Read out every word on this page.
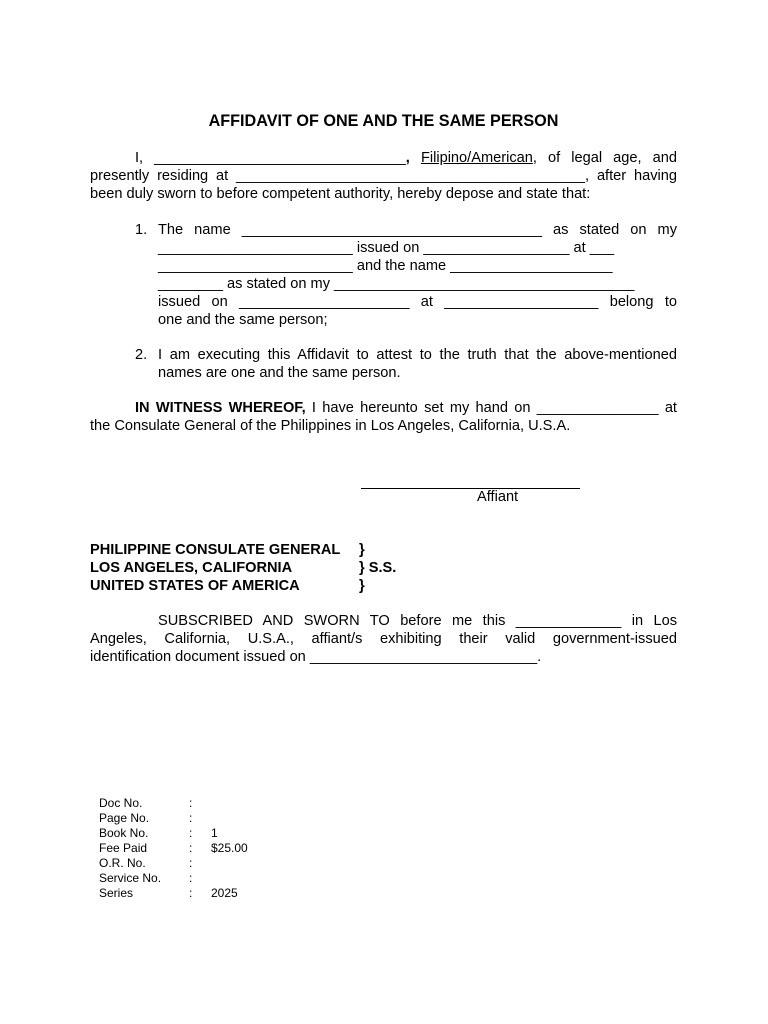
AFFIDAVIT OF ONE AND THE SAME PERSON
I, _______________________________, Filipino/American, of legal age, and
presently residing at ___________________________________________, after having
been duly sworn to before competent authority, hereby depose and state that:
1. The name _____________________________________ as stated on my
________________________ issued on __________________ at ___
________________________ and the name ____________________
________ as stated on my _____________________________________
issued on _____________________ at ___________________ belong to
one and the same person;
2. I am executing this Affidavit to attest to the truth that the above-mentioned
names are one and the same person.
IN WITNESS WHEREOF, I have hereunto set my hand on _______________ at
the Consulate General of the Philippines in Los Angeles, California, U.S.A.
Affiant
PHILIPPINE CONSULATE GENERAL }
LOS ANGELES, CALIFORNIA	} S.S.
UNITED STATES OF AMERICA	}
SUBSCRIBED AND SWORN TO before me this _____________ in Los
Angeles, California, U.S.A., affiant/s exhibiting their valid government-issued
identification document issued on ____________________________.
Doc No.	:
Page No.	:
Book No.	: 1
Fee Paid	: $25.00
O.R. No.	:
Service No. :
Series	: 2025
